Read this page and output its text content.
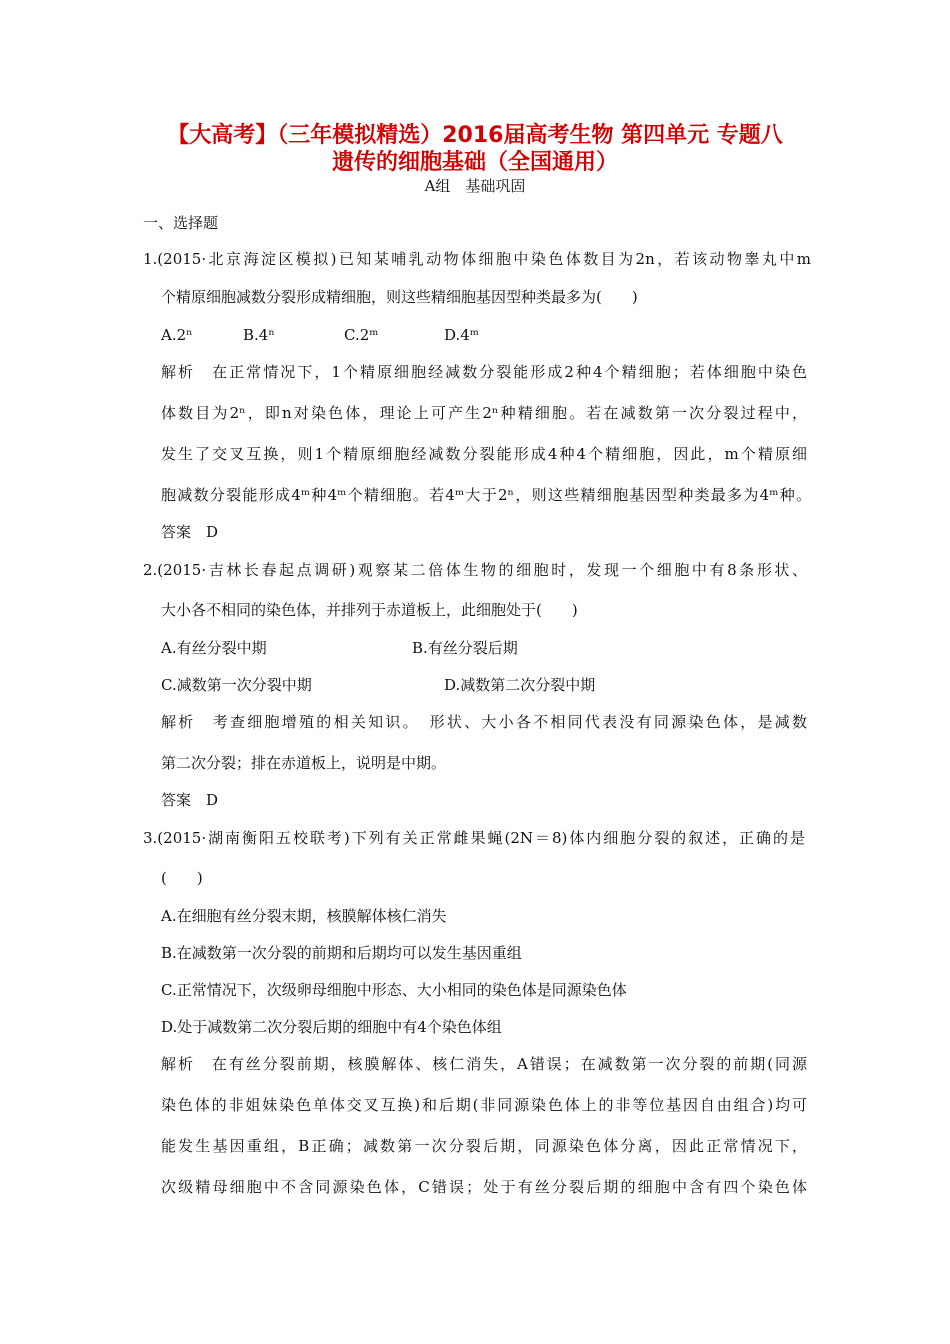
【大高考】（三年模拟精选）2016届高考生物 第四单元 专题八
遗传的细胞基础（全国通用）
A组　基础巩固
一、选择题
1.(2015·北京海淀区模拟)已知某哺乳动物体细胞中染色体数目为2n，若该动物睾丸中m
个精原细胞减数分裂形成精细胞，则这些精细胞基因型种类最多为(　　)
A.2ⁿ	B.4ⁿ	C.2ᵐ	D.4ᵐ
解析　在正常情况下，1个精原细胞经减数分裂能形成2种4个精细胞；若体细胞中染色
体数目为2ⁿ，即n对染色体，理论上可产生2ⁿ种精细胞。若在减数第一次分裂过程中，
发生了交叉互换，则1个精原细胞经减数分裂能形成4种4个精细胞，因此，m个精原细
胞减数分裂能形成4ᵐ种4ᵐ个精细胞。若4ᵐ大于2ⁿ，则这些精细胞基因型种类最多为4ᵐ种。
答案　D
2.(2015·吉林长春起点调研)观察某二倍体生物的细胞时，发现一个细胞中有8条形状、
大小各不相同的染色体，并排列于赤道板上，此细胞处于(　　)
A.有丝分裂中期	B.有丝分裂后期
C.减数第一次分裂中期	D.减数第二次分裂中期
解析　考查细胞增殖的相关知识。　形状、大小各不相同代表没有同源染色体，是减数
第二次分裂；排在赤道板上，说明是中期。
答案　D
3.(2015·湖南衡阳五校联考)下列有关正常雌果蝇(2N＝8)体内细胞分裂的叙述，正确的是
(　　)
A.在细胞有丝分裂末期，核膜解体核仁消失
B.在减数第一次分裂的前期和后期均可以发生基因重组
C.正常情况下，次级卵母细胞中形态、大小相同的染色体是同源染色体
D.处于减数第二次分裂后期的细胞中有4个染色体组
解析　在有丝分裂前期，核膜解体、核仁消失，A错误；在减数第一次分裂的前期(同源
染色体的非姐妹染色单体交叉互换)和后期(非同源染色体上的非等位基因自由组合)均可
能发生基因重组，B正确；减数第一次分裂后期，同源染色体分离，因此正常情况下，
次级精母细胞中不含同源染色体，C错误；处于有丝分裂后期的细胞中含有四个染色体
